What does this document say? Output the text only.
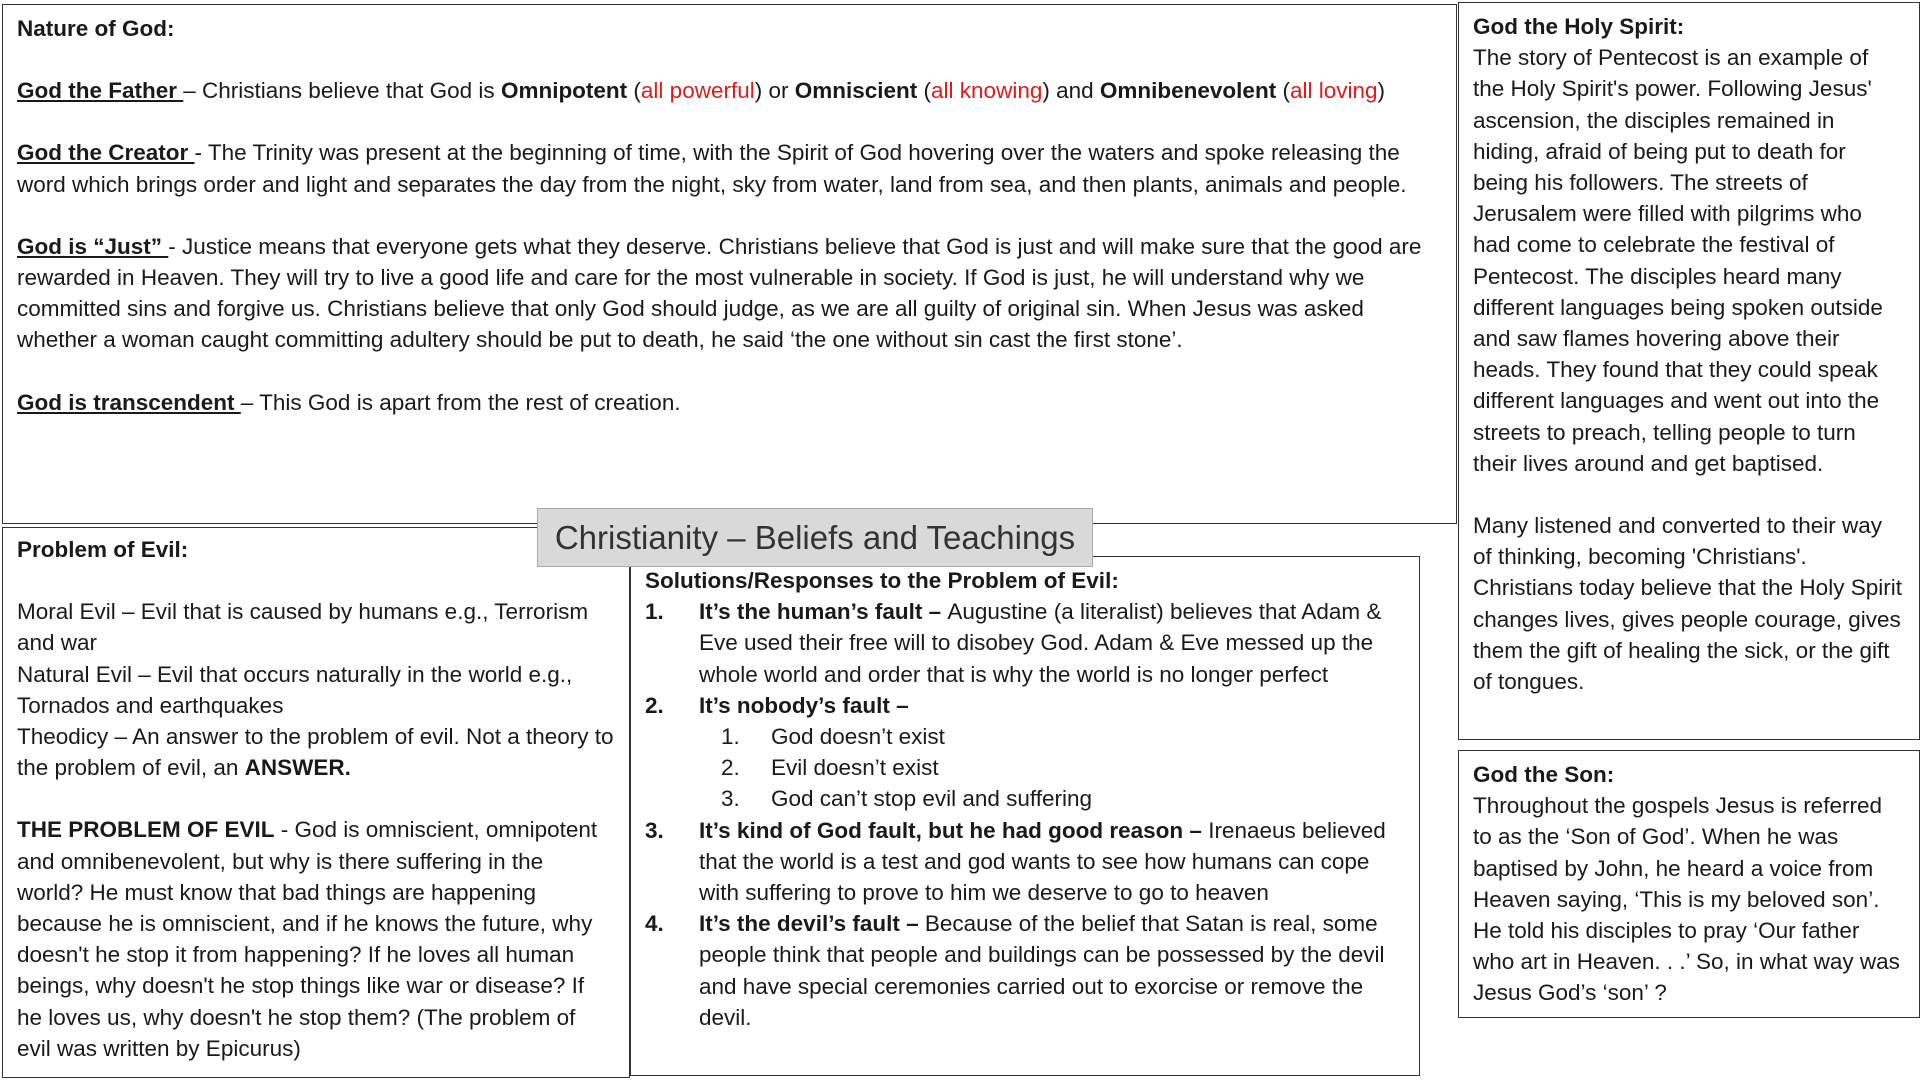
Nature of God:

God the Father – Christians believe that God is Omnipotent (all powerful) or Omniscient (all knowing) and Omnibenevolent (all loving)

God the Creator - The Trinity was present at the beginning of time, with the Spirit of God hovering over the waters and spoke releasing the word which brings order and light and separates the day from the night, sky from water, land from sea, and then plants, animals and people.

God is “Just” - Justice means that everyone gets what they deserve. Christians believe that God is just and will make sure that the good are rewarded in Heaven. They will try to live a good life and care for the most vulnerable in society. If God is just, he will understand why we committed sins and forgive us. Christians believe that only God should judge, as we are all guilty of original sin. When Jesus was asked whether a woman caught committing adultery should be put to death, he said ‘the one without sin cast the first stone’.

God is transcendent – This God is apart from the rest of creation.

God the Holy Spirit:

The story of Pentecost is an example of the Holy Spirit's power. Following Jesus' ascension, the disciples remained in hiding, afraid of being put to death for being his followers. The streets of Jerusalem were filled with pilgrims who had come to celebrate the festival of Pentecost. The disciples heard many different languages being spoken outside and saw flames hovering above their heads. They found that they could speak different languages and went out into the streets to preach, telling people to turn their lives around and get baptised.

Many listened and converted to their way of thinking, becoming 'Christians'. Christians today believe that the Holy Spirit changes lives, gives people courage, gives them the gift of healing the sick, or the gift of tongues.

God the Son:

Throughout the gospels Jesus is referred to as the ‘Son of God’. When he was baptised by John, he heard a voice from Heaven saying, ‘This is my beloved son’. He told his disciples to pray ‘Our father who art in Heaven. . .’ So, in what way was Jesus God’s ‘son’ ?

Problem of Evil:

Moral Evil – Evil that is caused by humans e.g., Terrorism and war

Natural Evil – Evil that occurs naturally in the world e.g., Tornados and earthquakes

Theodicy – An answer to the problem of evil. Not a theory to the problem of evil, an ANSWER.

THE PROBLEM OF EVIL - God is omniscient, omnipotent and omnibenevolent, but why is there suffering in the world? He must know that bad things are happening because he is omniscient, and if he knows the future, why doesn't he stop it from happening? If he loves all human beings, why doesn't he stop things like war or disease? If he loves us, why doesn't he stop them? (The problem of evil was written by Epicurus)

Solutions/Responses to the Problem of Evil:

1. It’s the human’s fault – Augustine (a literalist) believes that Adam & Eve used their free will to disobey God. Adam & Eve messed up the whole world and order that is why the world is no longer perfect
2. It’s nobody’s fault –
1. God doesn’t exist
2. Evil doesn’t exist
3. God can’t stop evil and suffering
3. It’s kind of God fault, but he had good reason – Irenaeus believed that the world is a test and god wants to see how humans can cope with suffering to prove to him we deserve to go to heaven
4. It’s the devil’s fault – Because of the belief that Satan is real, some people think that people and buildings can be possessed by the devil and have special ceremonies carried out to exorcise or remove the devil.
Christianity – Beliefs and Teachings
